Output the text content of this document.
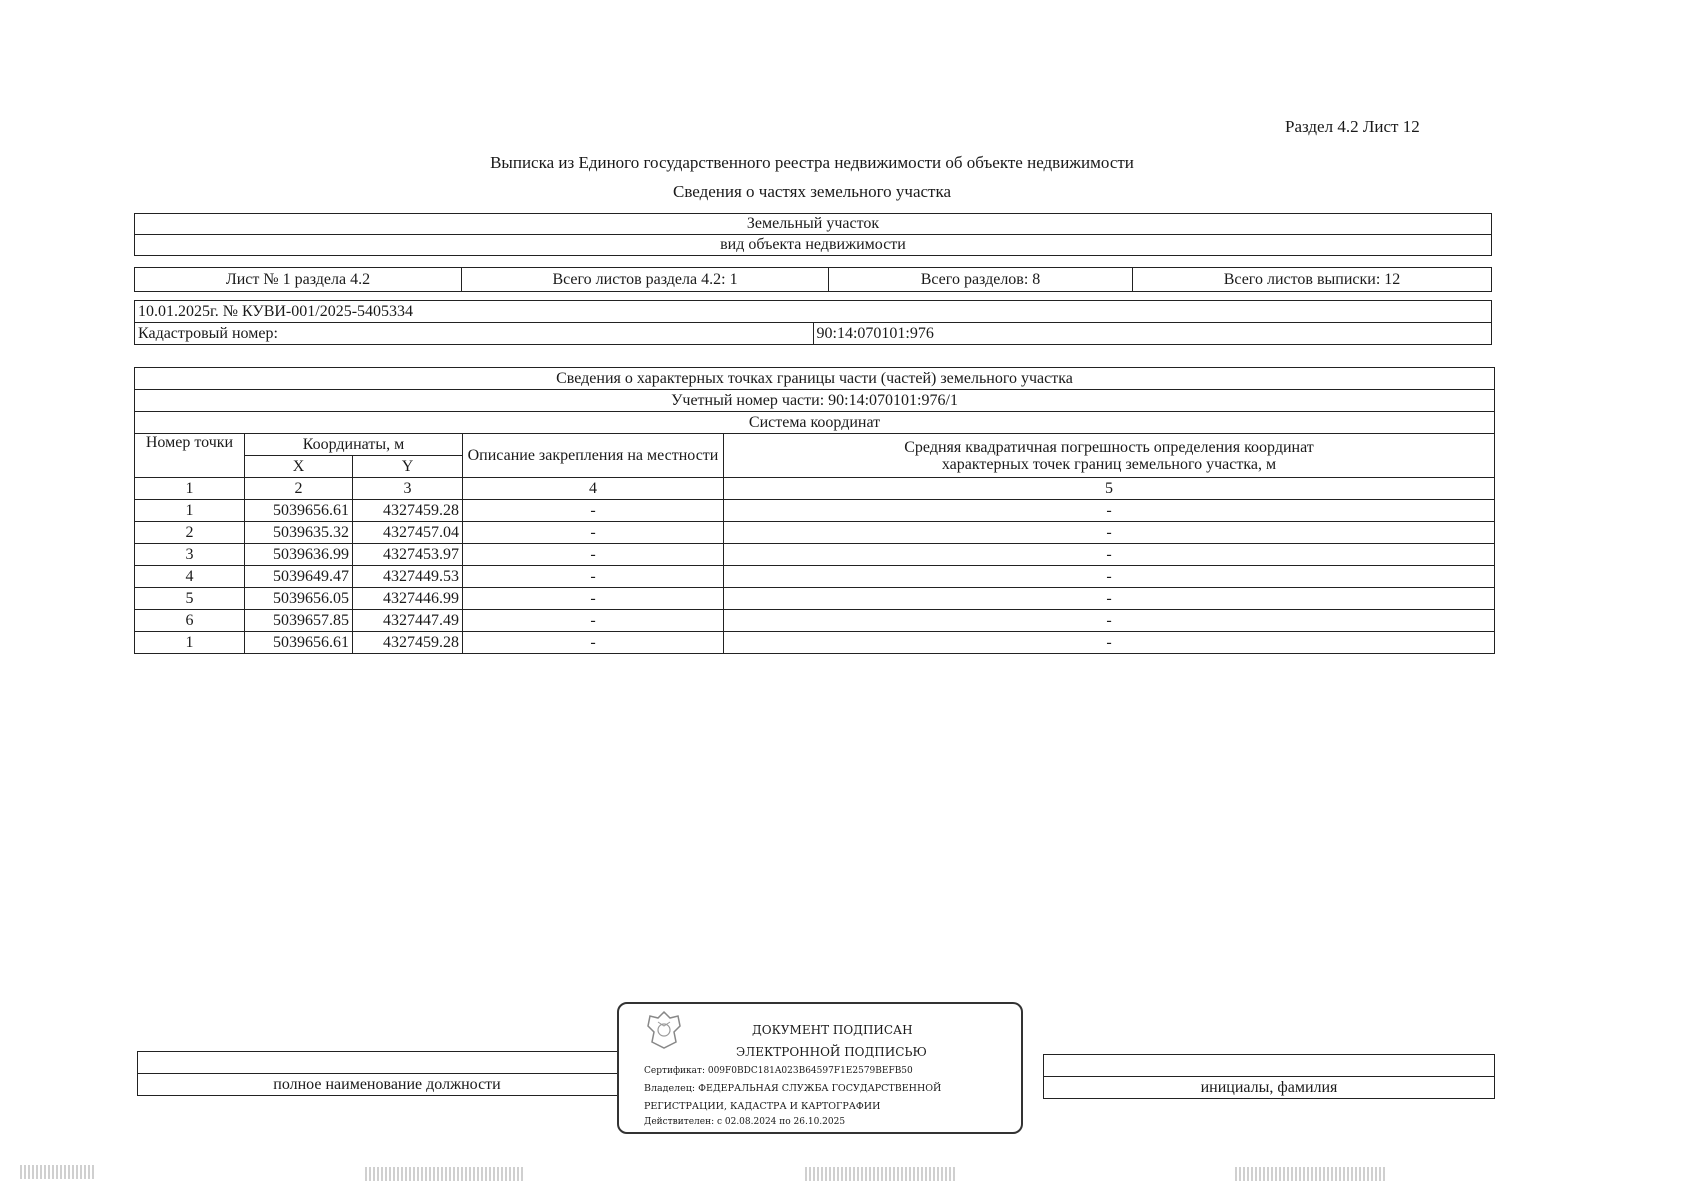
Раздел 4.2 Лист 12
Выписка из Единого государственного реестра недвижимости об объекте недвижимости
Сведения о частях земельного участка
Земельный участок
вид объекта недвижимости
Лист № 1 раздела 4.2	Всего листов раздела 4.2: 1	Всего разделов: 8	Всего листов выписки: 12
10.01.2025г. № КУВИ-001/2025-5405334
Кадастровый номер:	90:14:070101:976
Сведения о характерных точках границы части (частей) земельного участка				
Учетный номер части: 90:14:070101:976/1				
Система координат				
Номер точки	Координаты, м		Описание закрепления на местности	Средняя квадратичная погрешность определения координат характерных точек границ земельного участка, м
	X	Y		
1	2	3	4	5
1	5039656.61	4327459.28	-	-
2	5039635.32	4327457.04	-	-
3	5039636.99	4327453.97	-	-
4	5039649.47	4327449.53	-	-
5	5039656.05	4327446.99	-	-
6	5039657.85	4327447.49	-	-
1	5039656.61	4327459.28	-	-

полное наименование должности	инициалы, фамилия
ДОКУМЕНТ ПОДПИСАН
ЭЛЕКТРОННОЙ ПОДПИСЬЮ
Сертификат: 009F0BDC181A023B64597F1E2579BEFB50
Владелец: ФЕДЕРАЛЬНАЯ СЛУЖБА ГОСУДАРСТВЕННОЙ
РЕГИСТРАЦИИ, КАДАСТРА И КАРТОГРАФИИ
Действителен: с 02.08.2024 по 26.10.2025
